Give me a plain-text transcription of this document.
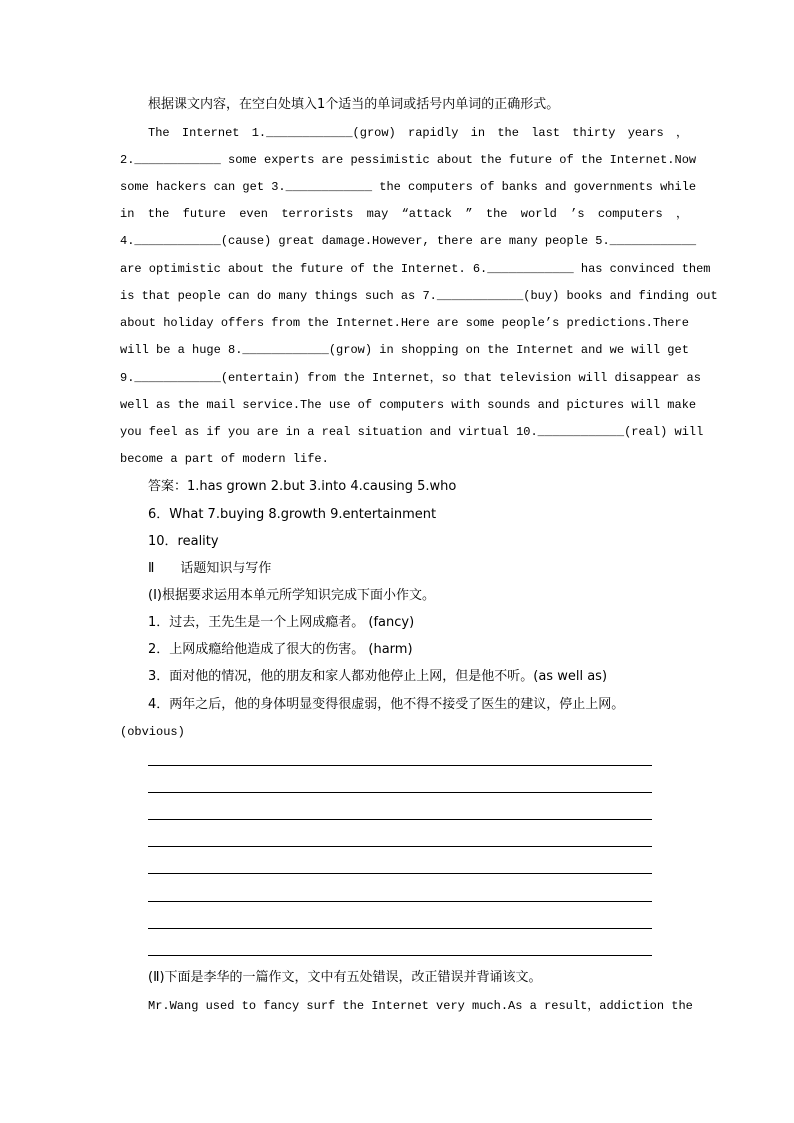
根据课文内容，在空白处填入1个适当的单词或括号内单词的正确形式。
The Internet 1.____________(grow) rapidly in the last thirty years ，
2.____________ some experts are pessimistic about the future of the Internet.Now
some hackers can get 3.____________ the computers of banks and governments while
in the future even terrorists may “attack ” the world ’s computers ，
4.____________(cause) great damage.However, there are many people 5.____________
are optimistic about the future of the Internet. 6.____________ has convinced them
is that people can do many things such as 7.____________(buy) books and finding out
about holiday offers from the Internet.Here are some people’s predictions.There
will be a huge 8.____________(grow) in shopping on the Internet and we will get
9.____________(entertain) from the Internet，so that television will disappear as
well as the mail service.The use of computers with sounds and pictures will make
you feel as if you are in a real situation and virtual 10.____________(real) will
become a part of modern life.
答案：1.has grown 2.but 3.into 4.causing 5.who
6．What 7.buying 8.growth 9.entertainment
10．reality
Ⅱ　　话题知识与写作
(Ⅰ)根据要求运用本单元所学知识完成下面小作文。
1．过去，王先生是一个上网成瘾者。 (fancy)
2．上网成瘾给他造成了很大的伤害。 (harm)
3．面对他的情况，他的朋友和家人都劝他停止上网，但是他不听。(as well as)
4．两年之后，他的身体明显变得很虚弱，他不得不接受了医生的建议，停止上网。
(obvious)
(Ⅱ)下面是李华的一篇作文，文中有五处错误，改正错误并背诵该文。
Mr.Wang used to fancy surf the Internet very much.As a result，addiction the
